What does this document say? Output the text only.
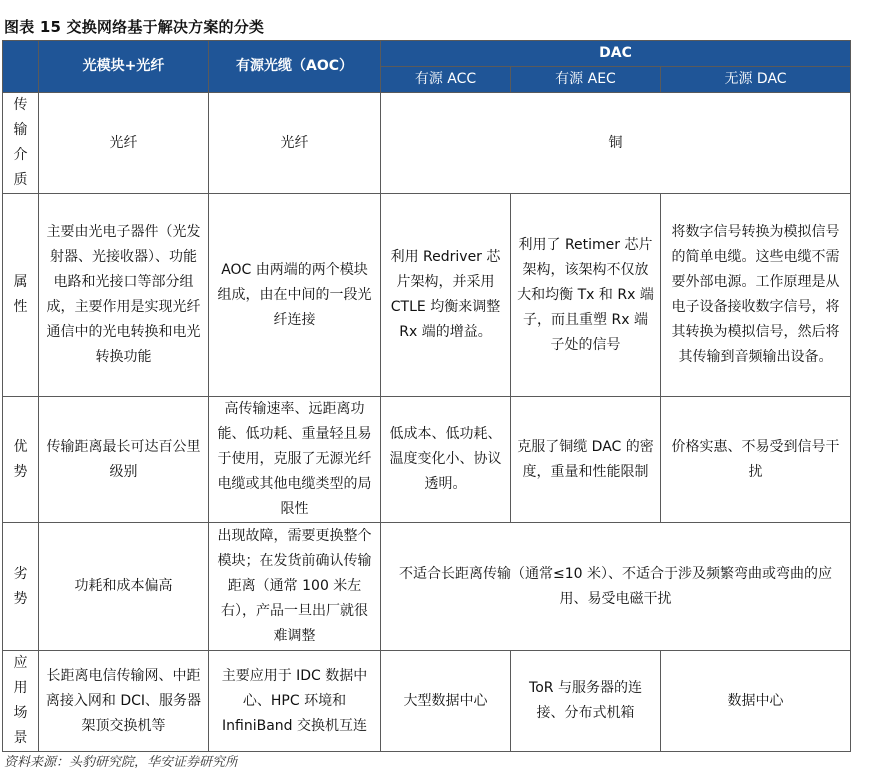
图表 15 交换网络基于解决方案的分类
	光模块+光纤	有源光缆（AOC）	DAC		
			有源 ACC	有源 AEC	无源 DAC
传输介质	光纤	光纤	铜		
属性	主要由光电子器件（光发射器、光接收器）、功能电路和光接口等部分组成，主要作用是实现光纤通信中的光电转换和电光转换功能	AOC 由两端的两个模块组成，由在中间的一段光纤连接	利用 Redriver 芯片架构，并采用 CTLE 均衡来调整 Rx 端的增益。	利用了 Retimer 芯片架构，该架构不仅放大和均衡 Tx 和 Rx 端子，而且重塑 Rx 端子处的信号	将数字信号转换为模拟信号的简单电缆。这些电缆不需要外部电源。工作原理是从电子设备接收数字信号，将其转换为模拟信号，然后将其传输到音频输出设备。
优势	传输距离最长可达百公里级别	高传输速率、远距离功能、低功耗、重量轻且易于使用，克服了无源光纤电缆或其他电缆类型的局限性	低成本、低功耗、温度变化小、协议透明。	克服了铜缆 DAC 的密度，重量和性能限制	价格实惠、不易受到信号干扰
劣势	功耗和成本偏高	出现故障，需要更换整个模块；在发货前确认传输距离（通常 100 米左右），产品一旦出厂就很难调整	不适合长距离传输（通常≤10 米）、不适合于涉及频繁弯曲或弯曲的应用、易受电磁干扰		
应用场景	长距离电信传输网、中距离接入网和 DCI、服务器架顶交换机等	主要应用于 IDC 数据中心、HPC 环境和 InfiniBand 交换机互连	大型数据中心	ToR 与服务器的连接、分布式机箱	数据中心
资料来源：头豹研究院，华安证券研究所
